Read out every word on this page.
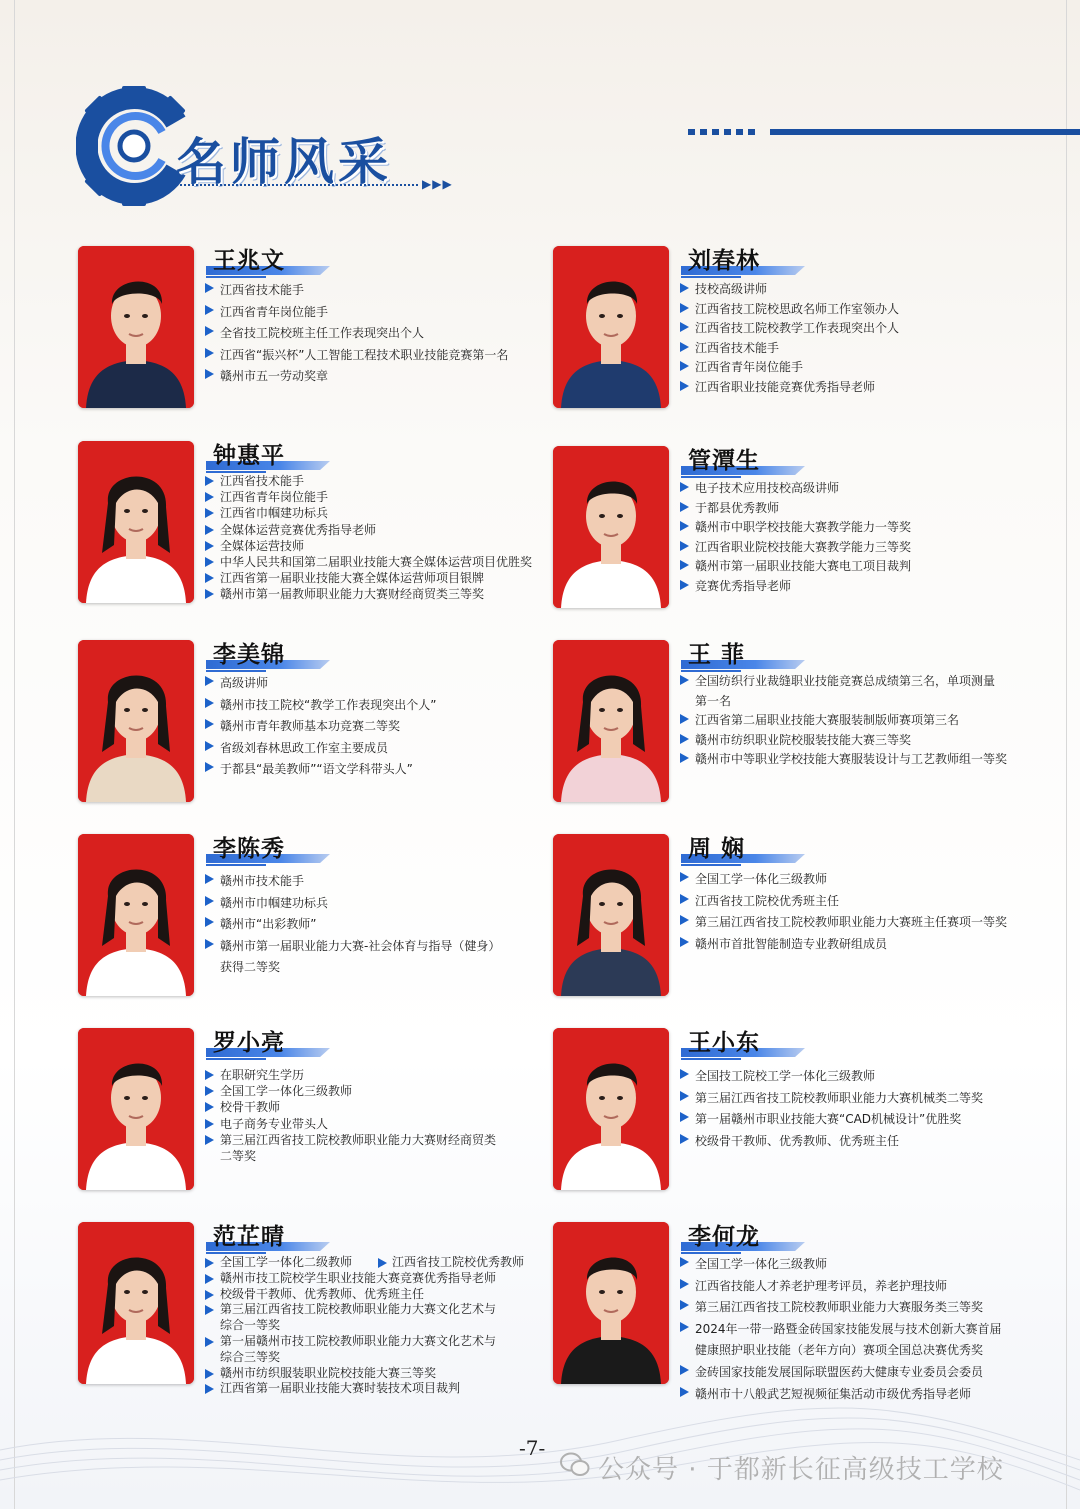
名师风采	▶▶▶
王兆文
江西省技术能手
江西省青年岗位能手
全省技工院校班主任工作表现突出个人
江西省“振兴杯”人工智能工程技术职业技能竞赛第一名
赣州市五一劳动奖章
刘春林
技校高级讲师
江西省技工院校思政名师工作室领办人
江西省技工院校教学工作表现突出个人
江西省技术能手
江西省青年岗位能手
江西省职业技能竞赛优秀指导老师
钟惠平
江西省技术能手
江西省青年岗位能手
江西省巾帼建功标兵
全媒体运营竞赛优秀指导老师
全媒体运营技师
中华人民共和国第二届职业技能大赛全媒体运营项目优胜奖
江西省第一届职业技能大赛全媒体运营师项目银牌
赣州市第一届教师职业能力大赛财经商贸类三等奖
管潭生
电子技术应用技校高级讲师
于都县优秀教师
赣州市中职学校技能大赛教学能力一等奖
江西省职业院校技能大赛教学能力三等奖
赣州市第一届职业技能大赛电工项目裁判
竞赛优秀指导老师
李美锦
高级讲师
赣州市技工院校“教学工作表现突出个人”
赣州市青年教师基本功竞赛二等奖
省级刘春林思政工作室主要成员
于都县“最美教师”“语文学科带头人”
王 菲
全国纺织行业裁缝职业技能竞赛总成绩第三名，单项测量
第一名
江西省第二届职业技能大赛服装制版师赛项第三名
赣州市纺织职业院校服装技能大赛三等奖
赣州市中等职业学校技能大赛服装设计与工艺教师组一等奖
李陈秀
赣州市技术能手
赣州市巾帼建功标兵
赣州市“出彩教师”
赣州市第一届职业能力大赛-社会体育与指导（健身）
获得二等奖
周 娴
全国工学一体化三级教师
江西省技工院校优秀班主任
第三届江西省技工院校教师职业能力大赛班主任赛项一等奖
赣州市首批智能制造专业教研组成员
罗小亮
在职研究生学历
全国工学一体化三级教师
校骨干教师
电子商务专业带头人
第三届江西省技工院校教师职业能力大赛财经商贸类
二等奖
王小东
全国技工院校工学一体化三级教师
第三届江西省技工院校教师职业能力大赛机械类二等奖
第一届赣州市职业技能大赛“CAD机械设计”优胜奖
校级骨干教师、优秀教师、优秀班主任
范芷晴
全国工学一体化二级教师	江西省技工院校优秀教师
赣州市技工院校学生职业技能大赛竞赛优秀指导老师
校级骨干教师、优秀教师、优秀班主任
第三届江西省技工院校教师职业能力大赛文化艺术与
综合一等奖
第一届赣州市技工院校教师职业能力大赛文化艺术与
综合三等奖
赣州市纺织服装职业院校技能大赛三等奖
江西省第一届职业技能大赛时装技术项目裁判
李何龙
全国工学一体化三级教师
江西省技能人才养老护理考评员，养老护理技师
第三届江西省技工院校教师职业能力大赛服务类三等奖
2024年一带一路暨金砖国家技能发展与技术创新大赛首届
健康照护职业技能（老年方向）赛项全国总决赛优秀奖
金砖国家技能发展国际联盟医药大健康专业委员会委员
赣州市十八般武艺短视频征集活动市级优秀指导老师
-7-
公众号 · 于都新长征高级技工学校
